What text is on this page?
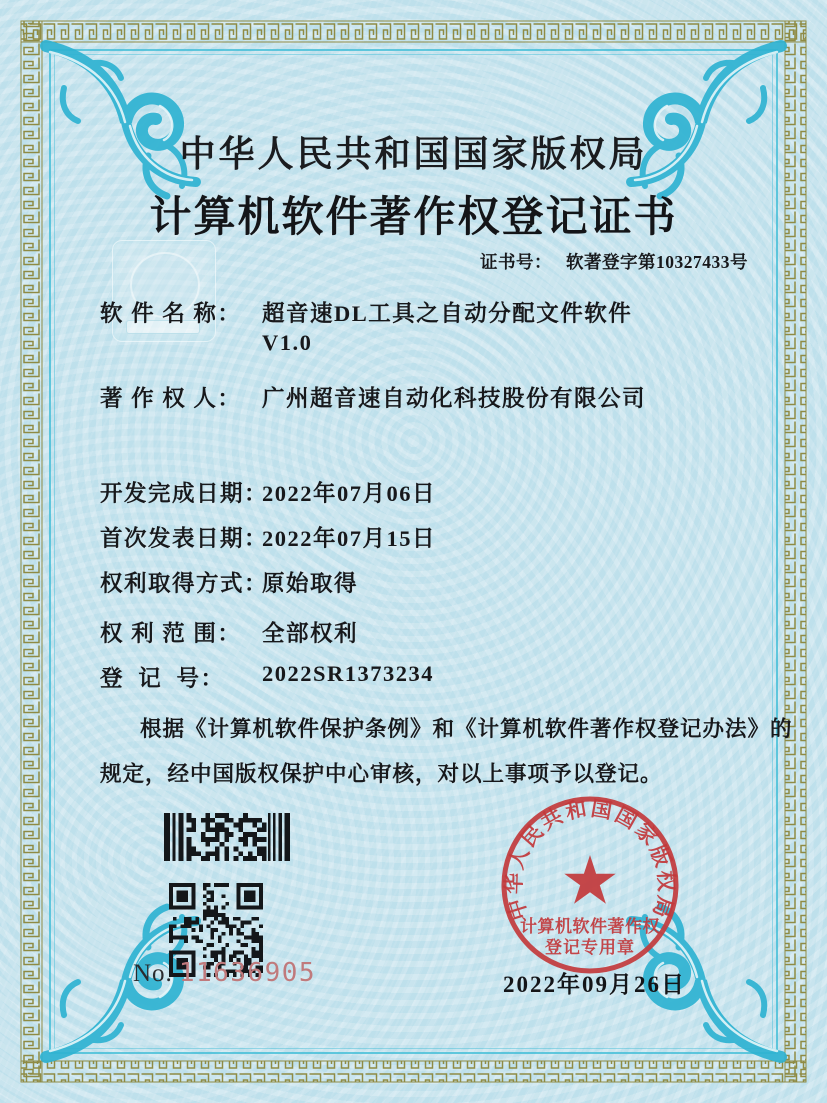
中华人民共和国国家版权局
计算机软件著作权登记证书
证书号： 软著登字第10327433号
软 件 名 称： 超音速DL工具之自动分配文件软件
V1.0
著 作 权 人： 广州超音速自动化科技股份有限公司
开发完成日期：
2022年07月06日
首次发表日期：
2022年07月15日
权利取得方式：
原始取得
权 利 范 围： 全部权利
登  记  号： 2022SR1373234
根据《计算机软件保护条例》和《计算机软件著作权登记办法》的
规定，经中国版权保护中心审核，对以上事项予以登记。
No. 11636905
中华人民共和国国家版权局
计算机软件著作权
登记专用章
2022年09月26日
